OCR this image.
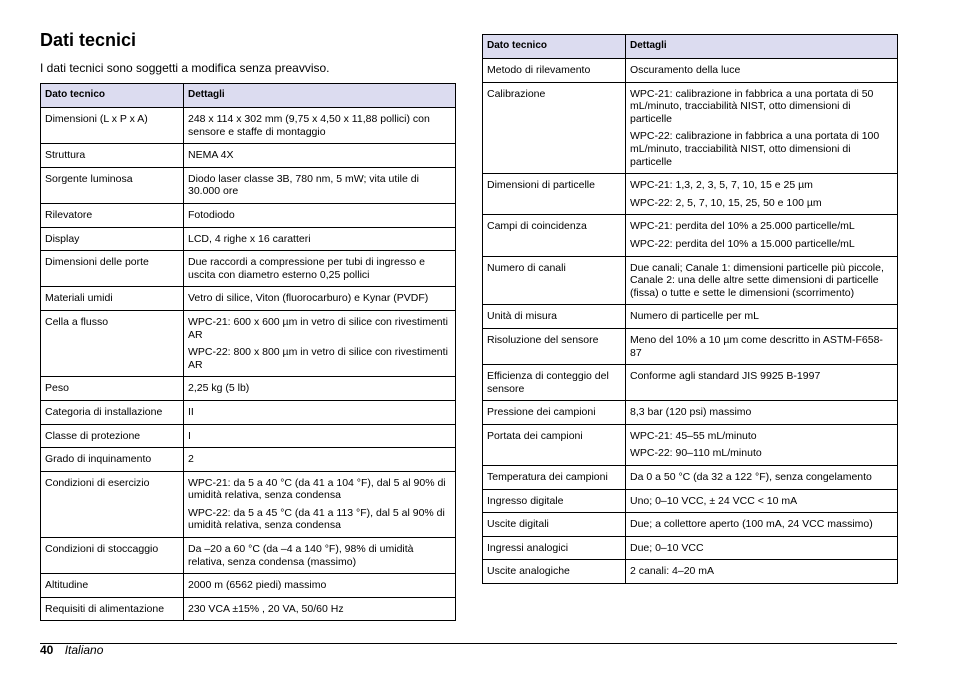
Dati tecnici

I dati tecnici sono soggetti a modifica senza preavviso.

Dato tecnico	Dettagli
Dimensioni (L x P x A)	248 x 114 x 302 mm (9,75 x 4,50 x 11,88 pollici) con sensore e staffe di montaggio

Struttura	NEMA 4X

Sorgente luminosa	Diodo laser classe 3B, 780 nm, 5 mW; vita utile di 30.000 ore

Rilevatore	Fotodiodo

Display	LCD, 4 righe x 16 caratteri

Dimensioni delle porte	Due raccordi a compressione per tubi di ingresso e uscita con diametro esterno 0,25 pollici

Materiali umidi	Vetro di silice, Viton (fluorocarburo) e Kynar (PVDF)

Cella a flusso	WPC-21: 600 x 600 µm in vetro di silice con rivestimenti AR

WPC-22: 800 x 800 µm in vetro di silice con rivestimenti AR

Peso	2,25 kg (5 lb)

Categoria di installazione	II

Classe di protezione	I

Grado di inquinamento	2

Condizioni di esercizio	WPC-21: da 5 a 40 °C (da 41 a 104 °F), dal 5 al 90% di umidità relativa, senza condensa

WPC-22: da 5 a 45 °C (da 41 a 113 °F), dal 5 al 90% di umidità relativa, senza condensa

Condizioni di stoccaggio	Da –20 a 60 °C (da –4 a 140 °F), 98% di umidità relativa, senza condensa (massimo)

Altitudine	2000 m (6562 piedi) massimo

Requisiti di alimentazione	230 VCA ±15% , 20 VA, 50/60 Hz

Dato tecnico	Dettagli
Metodo di rilevamento	Oscuramento della luce

Calibrazione	WPC-21: calibrazione in fabbrica a una portata di 50 mL/minuto, tracciabilità NIST, otto dimensioni di particelle

WPC-22: calibrazione in fabbrica a una portata di 100 mL/minuto, tracciabilità NIST, otto dimensioni di particelle

Dimensioni di particelle	WPC-21: 1,3, 2, 3, 5, 7, 10, 15 e 25 µm

WPC-22: 2, 5, 7, 10, 15, 25, 50 e 100 µm

Campi di coincidenza	WPC-21: perdita del 10% a 25.000 particelle/mL

WPC-22: perdita del 10% a 15.000 particelle/mL

Numero di canali	Due canali; Canale 1: dimensioni particelle più piccole, Canale 2: una delle altre sette dimensioni di particelle (fissa) o tutte e sette le dimensioni (scorrimento)

Unità di misura	Numero di particelle per mL

Risoluzione del sensore	Meno del 10% a 10 µm come descritto in ASTM-F658-87

Efficienza di conteggio del sensore	Conforme agli standard JIS 9925 B-1997

Pressione dei campioni	8,3 bar (120 psi) massimo

Portata dei campioni	WPC-21: 45–55 mL/minuto

WPC-22: 90–110 mL/minuto

Temperatura dei campioni	Da 0 a 50 °C (da 32 a 122 °F), senza congelamento

Ingresso digitale	Uno; 0–10 VCC, ± 24 VCC < 10 mA

Uscite digitali	Due; a collettore aperto (100 mA, 24 VCC massimo)

Ingressi analogici	Due; 0–10 VCC

Uscite analogiche	2 canali: 4–20 mA

40 Italiano
